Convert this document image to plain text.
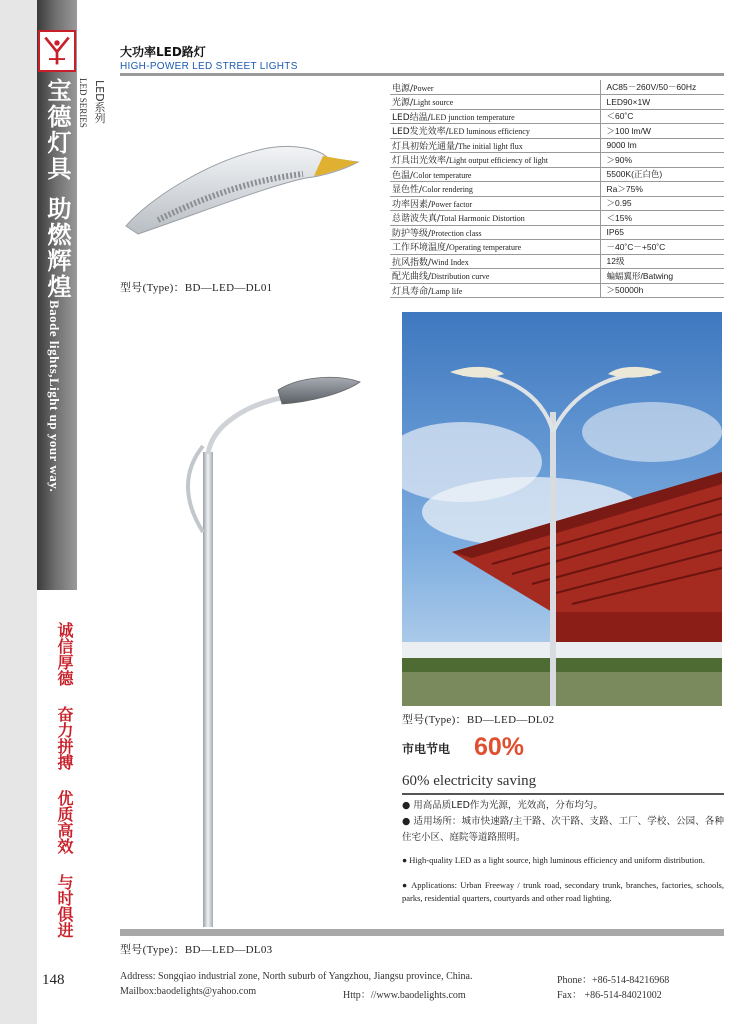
宝德灯具
助燃辉煌
Baode lights,Light up your way.
LED系列
LED SERIES
诚信厚德
奋力拼搏
优质高效
与时俱进
148
大功率LED路灯
HIGH-POWER LED STREET LIGHTS
电源/Power	AC85－260V/50－60Hz
光源/Light source	LED90×1W
LED结温/LED junction temperature	＜60˚C
LED发光效率/LED luminous efficiency	＞100 lm/W
灯具初始光通量/The initial light flux	9000 lm
灯具出光效率/Light output efficiency of light	＞90%
色温/Color temperature	5500K(正白色)
显色性/Color rendering	Ra＞75%
功率因素/Power factor	＞0.95
总谐波失真/Total Harmonic Distortion	＜15%
防护等级/Protection class	IP65
工作环境温度/Operating temperature	－40˚C－+50˚C
抗风指数/Wind Index	12级
配光曲线/Distribution curve	蝙蝠翼形/Batwing
灯具寿命/Lamp life	＞50000h
型号(Type)：BD—LED—DL01
型号(Type)：BD—LED—DL02
市电节电 60%
60% electricity saving
● 用高品质LED作为光源，光效高，分布均匀。
● 适用场所：城市快速路/主干路、次干路、支路、工厂、学校、公园、各种住宅小区、庭院等道路照明。
● High-quality LED as a light source, high luminous efficiency and uniform distribution.
● Applications: Urban Freeway / trunk road, secondary trunk, branches, factories, schools, parks, residential quarters, courtyards and other road lighting.
型号(Type)：BD—LED—DL03
Address: Songqiao industrial zone, North suburb of Yangzhou, Jiangsu province, China.
Mailbox:baodelights@yahoo.com	Http：//www.baodelights.com
Phone：+86-514-84216968
Fax： +86-514-84021002
